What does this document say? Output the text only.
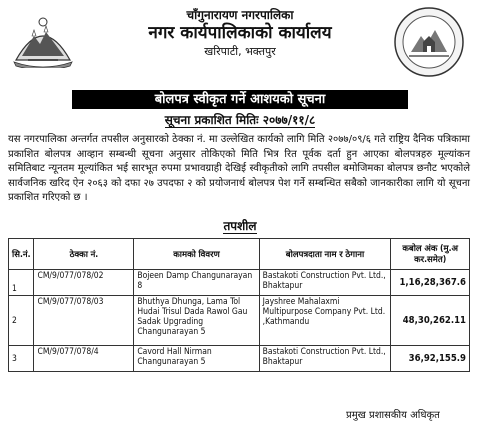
चाँगुनारायण नगरपालिका
नगर कार्यपालिकाको कार्यालय
खरिपाटी, भक्तपुर
बोलपत्र स्वीकृत गर्ने आशयको सूचना
सूचना प्रकाशित मितिः २०७७/११/८

यस नगरपालिका अन्तर्गत तपसील अनुसारको ठेक्का नं. मा उल्लेखित कार्यको लागि मिति २०७७/०९/६ गते राष्ट्रिय दैनिक पत्रिकामा प्रकाशित बोलपत्र आव्हान सम्बन्धी सूचना अनुसार तोकिएको मिति भित्र रित पूर्वक दर्ता हुन आएका बोलपत्रहरु मूल्यांकन समितिबाट न्यूनतम मूल्यांकित भई सारभूत रुपमा प्रभावग्राही देखिई स्वीकृतीको लागि तपसील बमोजिमका बोलपत्र छनौट भएकोले सार्वजनिक खरिद ऐन २०६३ को दफा २७ उपदफा २ को प्रयोजनार्थ बोलपत्र पेश गर्ने सम्बन्धित सबैको जानकारीका लागि यो सूचना प्रकाशित गरिएको छ ।

तपशील
सि.नं.	ठेक्का नं.	कामको विवरण	बोलपत्रदाता नाम र ठेगाना	कबोल अंक (मु.अ कर.समेत)
1	CM/9/077/078/02	Bojeen Damp Changunarayan 8	Bastakoti Construction Pvt. Ltd., Bhaktapur	1,16,28,367.6
2	CM/9/077/078/03	Bhuthya Dhunga, Lama Tol Hudai Trisul Dada Rawol Gau Sadak Upgrading Changunarayan 5	Jayshree Mahalaxmi Multipurpose Company Pvt. Ltd. ,Kathmandu	48,30,262.11
3	CM/9/077/078/4	Cavord Hall Nirman Changunarayan 5	Bastakoti Construction Pvt. Ltd., Bhaktapur	36,92,155.9
प्रमुख प्रशासकीय अधिकृत
